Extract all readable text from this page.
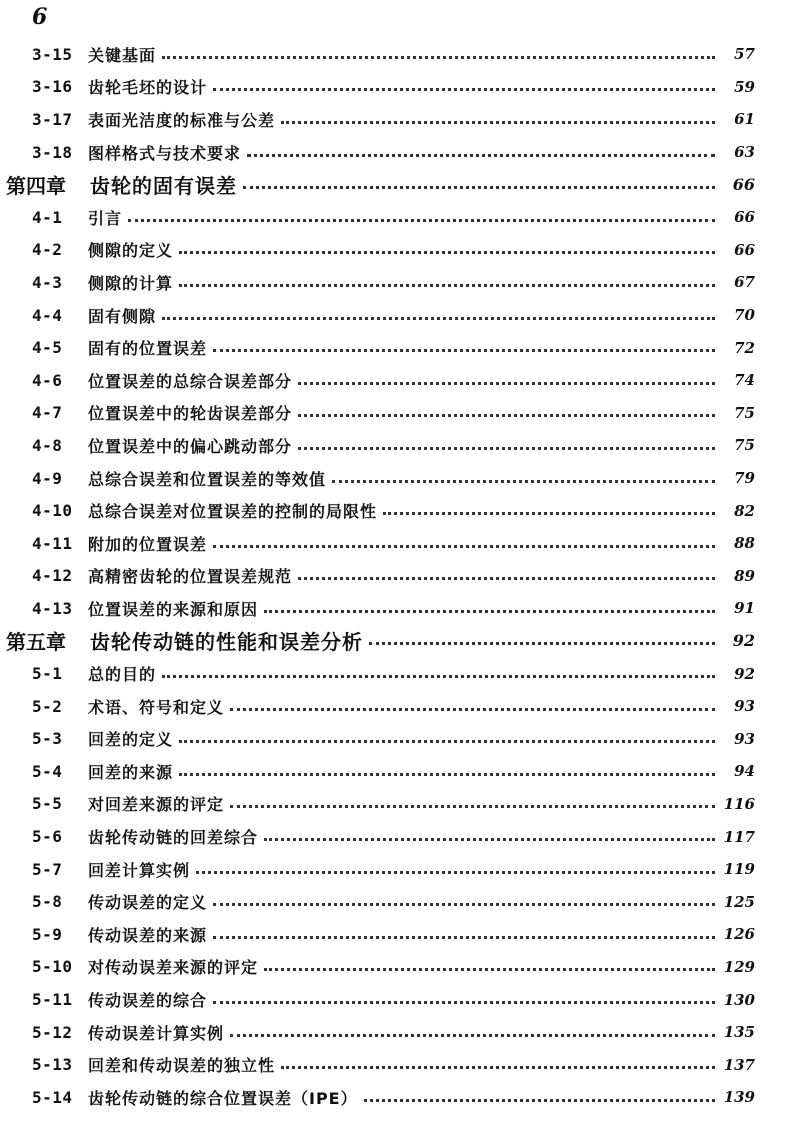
6
3-15 关键基面	57
3-16 齿轮毛坯的设计	59
3-17 表面光洁度的标准与公差	61
3-18 图样格式与技术要求	63
第四章 齿轮的固有误差	66
4-1	引言	66
4-2	侧隙的定义	66
4-3	侧隙的计算	67
4-4	固有侧隙	70
4-5	固有的位置误差	72
4-6	位置误差的总综合误差部分	74
4-7	位置误差中的轮齿误差部分	75
4-8	位置误差中的偏心跳动部分	75
4-9	总综合误差和位置误差的等效值	79
4-10 总综合误差对位置误差的控制的局限性	82
4-11 附加的位置误差	88
4-12 高精密齿轮的位置误差规范	89
4-13 位置误差的来源和原因	91
第五章 齿轮传动链的性能和误差分析	92
5-1	总的目的	92
5-2	术语、符号和定义	93
5-3	回差的定义	93
5-4	回差的来源	94
5-5	对回差来源的评定	116
5-6	齿轮传动链的回差综合	117
5-7	回差计算实例	119
5-8	传动误差的定义	125
5-9	传动误差的来源	126
5-10 对传动误差来源的评定	129
5-11 传动误差的综合	130
5-12 传动误差计算实例	135
5-13 回差和传动误差的独立性	137
5-14 齿轮传动链的综合位置误差（IPE）	139
